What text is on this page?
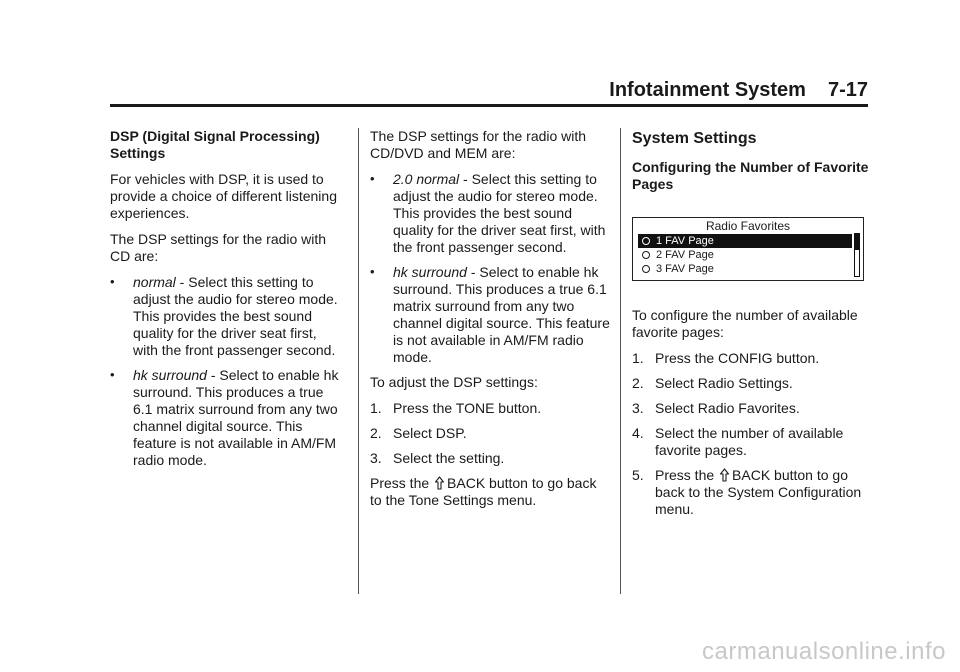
Infotainment System 7-17

DSP (Digital Signal Processing) Settings

For vehicles with DSP, it is used to provide a choice of different listening experiences.

The DSP settings for the radio with CD are:

• normal - Select this setting to adjust the audio for stereo mode. This provides the best sound quality for the driver seat first, with the front passenger second.
• hk surround - Select to enable hk surround. This produces a true 6.1 matrix surround from any two channel digital source. This feature is not available in AM/FM radio mode.

The DSP settings for the radio with CD/DVD and MEM are:

• 2.0 normal - Select this setting to adjust the audio for stereo mode. This provides the best sound quality for the driver seat first, with the front passenger second.
• hk surround - Select to enable hk surround. This produces a true 6.1 matrix surround from any two channel digital source. This feature is not available in AM/FM radio mode.

To adjust the DSP settings:

1. Press the TONE button.
2. Select DSP.
3. Select the setting.

Press the BACK button to go back to the Tone Settings menu.

System Settings

Configuring the Number of Favorite Pages

Radio Favorites
1 FAV Page
2 FAV Page
3 FAV Page

To configure the number of available favorite pages:

1. Press the CONFIG button.
2. Select Radio Settings.
3. Select Radio Favorites.
4. Select the number of available favorite pages.
5. Press the BACK button to go back to the System Configuration menu.
carmanualsonline.info
